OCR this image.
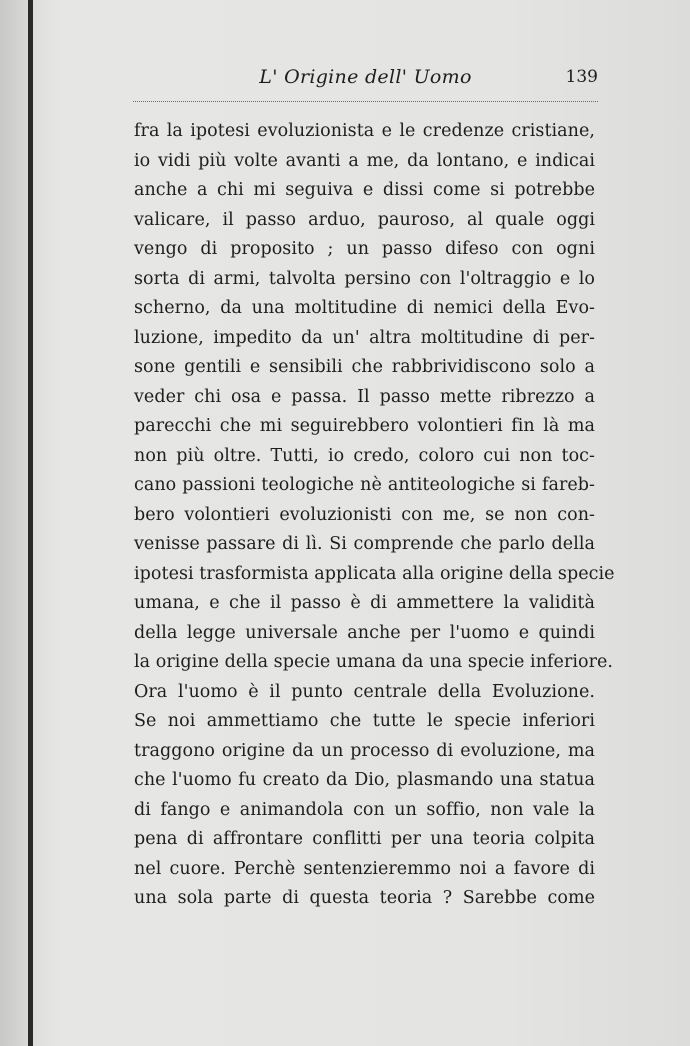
L' Origine dell' Uomo	139
fra la ipotesi evoluzionista e le credenze cristiane,
io vidi più volte avanti a me, da lontano, e indicai
anche a chi mi seguiva e dissi come si potrebbe
valicare, il passo arduo, pauroso, al quale oggi
vengo di proposito ; un passo difeso con ogni
sorta di armi, talvolta persino con l'oltraggio e lo
scherno, da una moltitudine di nemici della Evo-
luzione, impedito da un' altra moltitudine di per-
sone gentili e sensibili che rabbrividiscono solo a
veder chi osa e passa. Il passo mette ribrezzo a
parecchi che mi seguirebbero volontieri fin là ma
non più oltre. Tutti, io credo, coloro cui non toc-
cano passioni teologiche nè antiteologiche si fareb-
bero volontieri evoluzionisti con me, se non con-
venisse passare di lì. Si comprende che parlo della
ipotesi trasformista applicata alla origine della specie
umana, e che il passo è di ammettere la validità
della legge universale anche per l'uomo e quindi
la origine della specie umana da una specie inferiore.
Ora l'uomo è il punto centrale della Evoluzione.
Se noi ammettiamo che tutte le specie inferiori
traggono origine da un processo di evoluzione, ma
che l'uomo fu creato da Dio, plasmando una statua
di fango e animandola con un soffio, non vale la
pena di affrontare conflitti per una teoria colpita
nel cuore. Perchè sentenzieremmo noi a favore di
una sola parte di questa teoria ? Sarebbe come
